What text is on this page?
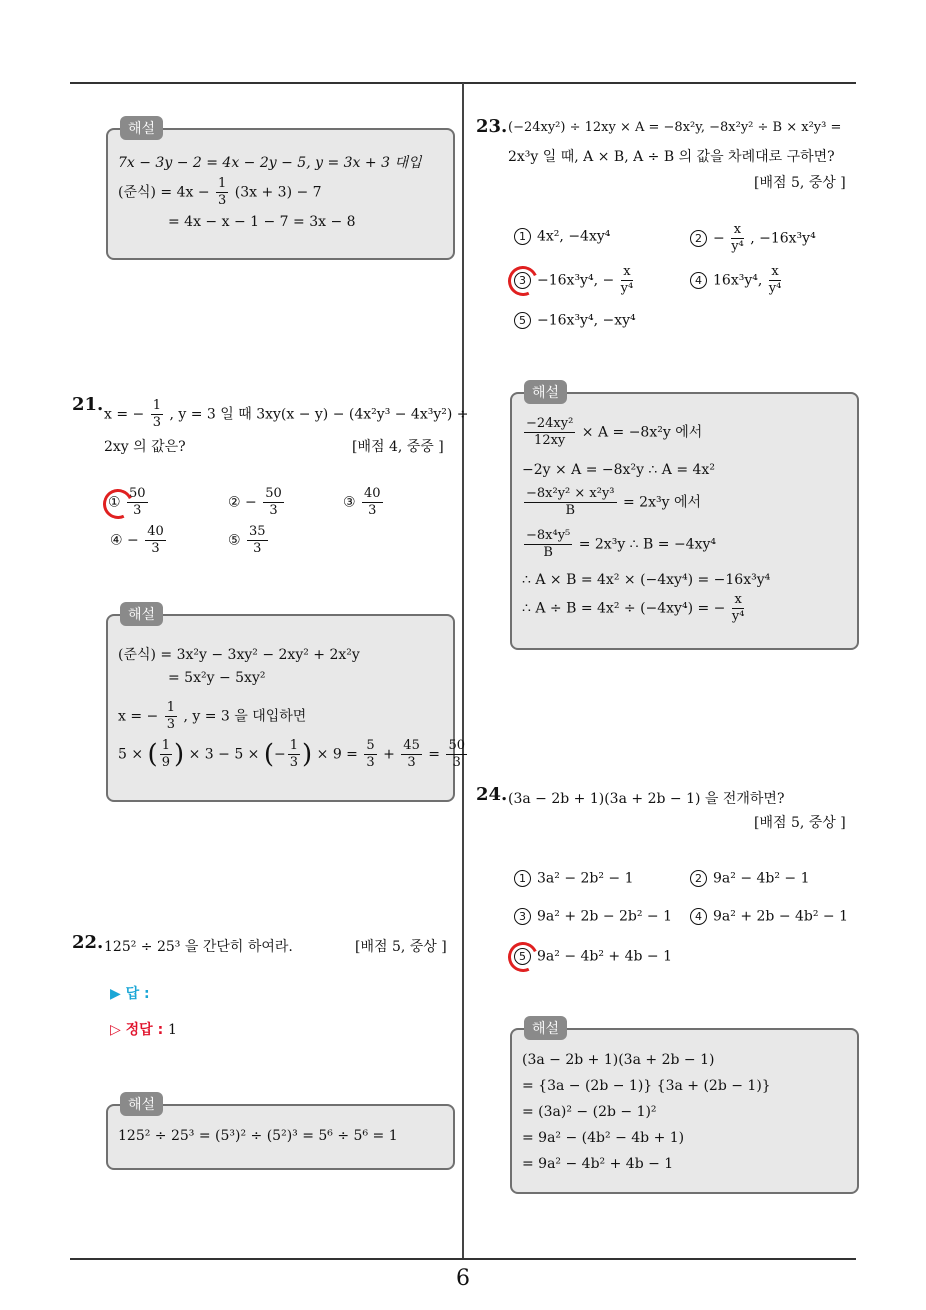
6
해설
7x − 3y − 2 = 4x − 2y − 5, y = 3x + 3 대입
(준식) = $4x - \frac{1}{3} (3x + 3) - 7$
= 4x − x − 1 − 7 = 3x − 8
21. x = − $\frac{1}{3}$ , y = 3 일 때 3xy(x − y) − (4x²y³ − 4x³y²) ÷
2xy 의 값은?	[배점 4, 중중 ]
① $\frac{50}{3}$	② − $\frac{50}{3}$	③ $\frac{40}{3}$
④ − $\frac{40}{3}$	⑤ $\frac{35}{3}$
해설
(준식) = 3x²y − 3xy² − 2xy² + 2x²y
= 5x²y − 5xy²
x = − $\frac{1}{3}$ , y = 3 을 대입하면
5 × ( $\frac{1}{9}$ ) × 3 − 5 × (− $\frac{1}{3}$ ) × $9 = \frac{5}{3} + \frac{45}{3} = \frac{50}{3}$
22. 125² ÷ 25³ 을 간단히 하여라.	[배점 5, 중상 ]
▶ 답 :
▷ 정답 : 1
해설
125² ÷ 25³ = (5³)² ÷ (5²)³ = 5⁶ ÷ 5⁶ = 1
23. (−24xy²) ÷ 12xy × A = −8x²y, −8x²y² ÷ B × x²y³ =
2x³y 일 때, A × B, A ÷ B 의 값을 차례대로 구하면?
[배점 5, 중상 ]
1 4x², −4xy⁴	$2 - \frac{x}{\text{y⁴}}$ , −16x³y⁴
3 −16x³y⁴, − $\frac{x}{\text{y⁴}}$	4 16x³y⁴, $\frac{x}{\text{y⁴}}$
5 −16x³y⁴, −xy⁴
해설
$\frac{\text{−24xy²}}{12xy} \times A = -8x^2y$ 에서
−2y × A = −8x²y ∴ A = 4x²
$\frac{\text{−8x²y² × x²y³}}{B} = 2x^3y$ 에서
$\frac{\text{−8x⁴y⁵}}{B} = 2x^3y$ ∴ B = −4xy⁴
∴ A × B = 4x² × (−4xy⁴) = −16x³y⁴
∴ A ÷ B = 4x² ÷ (−4xy⁴) = − $\frac{x}{\text{y⁴}}$
24. (3a − 2b + 1)(3a + 2b − 1) 을 전개하면?
[배점 5, 중상 ]
1 3a² − 2b² − 1	2 9a² − 4b² − 1
3 9a² + 2b − 2b² − 1	4 9a² + 2b − 4b² − 1
5 9a² − 4b² + 4b − 1
해설
(3a − 2b + 1)(3a + 2b − 1)
= {3a − (2b − 1)} {3a + (2b − 1)}
= (3a)² − (2b − 1)²
= 9a² − (4b² − 4b + 1)
= 9a² − 4b² + 4b − 1
